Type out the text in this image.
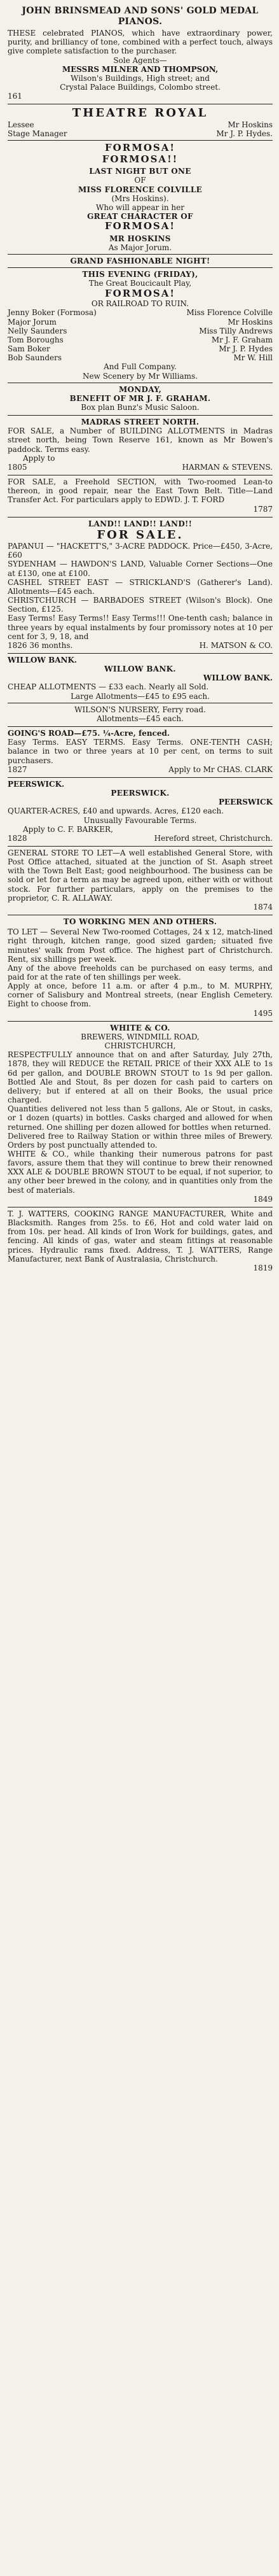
JOHN BRINSMEAD AND SONS' GOLD MEDAL PIANOS.

THESE celebrated PIANOS, which have extraordinary power, purity, and brilliancy of tone, combined with a perfect touch, always give complete satisfaction to the purchaser.

Sole Agents—
MESSRS MILNER AND THOMPSON,
Wilson's Buildings, High street; and
Crystal Palace Buildings, Colombo street.
161
THEATRE ROYAL
Lessee	Mr Hoskins
Stage Manager	Mr J. P. Hydes.
FORMOSA!
FORMOSA!!
LAST NIGHT BUT ONE
OF
MISS FLORENCE COLVILLE
(Mrs Hoskins).
Who will appear in her
GREAT CHARACTER OF
FORMOSA!
MR HOSKINS
As Major Jorum.
GRAND FASHIONABLE NIGHT!
THIS EVENING (FRIDAY),
The Great Boucicault Play,
FORMOSA!
OR RAILROAD TO RUIN.
Jenny Boker (Formosa)	Miss Florence Colville
Major Jorum	Mr Hoskins
Nelly Saunders	Miss Tilly Andrews
Tom Boroughs	Mr J. F. Graham
Sam Boker	Mr J. P. Hydes
Bob Saunders	Mr W. Hill
And Full Company.
New Scenery by Mr Williams.
MONDAY,
BENEFIT OF MR J. F. GRAHAM.
Box plan Bunz's Music Saloon.
MADRAS STREET NORTH.

FOR SALE, a Number of BUILDING ALLOTMENTS in Madras street north, being Town Reserve 161, known as Mr Bowen's paddock. Terms easy.

Apply to
1805	HARMAN & STEVENS.

FOR SALE, a Freehold SECTION, with Two-roomed Lean-to thereon, in good repair, near the East Town Belt. Title—Land Transfer Act. For particulars apply to EDWD. J. T. FORD

1787
LAND!! LAND!! LAND!!
FOR SALE.

PAPANUI — "HACKETT'S," 3-ACRE PADDOCK. Price—£450, 3-Acre, £60

SYDENHAM — HAWDON'S LAND, Valuable Corner Sections—One at £130, one at £100.

CASHEL STREET EAST — STRICKLAND'S (Gatherer's Land). Allotments—£45 each.

CHRISTCHURCH — BARBADOES STREET (Wilson's Block). One Section, £125.

Easy Terms! Easy Terms!! Easy Terms!!! One-tenth cash; balance in three years by equal instalments by four promissory notes at 10 per cent for 3, 9, 18, and

1826 36 months.	H. MATSON & CO.
WILLOW BANK.
WILLOW BANK.
WILLOW BANK.

CHEAP ALLOTMENTS — £33 each. Nearly all Sold.

Large Allotments—£45 to £95 each.
WILSON'S NURSERY, Ferry road.
Allotments—£45 each.
GOING'S ROAD—£75. ¼-Acre, fenced.

Easy Terms. EASY TERMS. Easy Terms. ONE-TENTH CASH; balance in two or three years at 10 per cent, on terms to suit purchasers.

1827	Apply to Mr CHAS. CLARK
PEERSWICK.
PEERSWICK.
PEERSWICK

QUARTER-ACRES, £40 and upwards. Acres, £120 each.

Unusually Favourable Terms.
Apply to C. F. BARKER,
1828	Hereford street, Christchurch.

GENERAL STORE TO LET—A well established General Store, with Post Office attached, situated at the junction of St. Asaph street with the Town Belt East; good neighbourhood. The business can be sold or let for a term as may be agreed upon, either with or without stock. For further particulars, apply on the premises to the proprietor, C. R. ALLAWAY.

1874
TO WORKING MEN AND OTHERS.

TO LET — Several New Two-roomed Cottages, 24 x 12, match-lined right through, kitchen range, good sized garden; situated five minutes' walk from Post office. The highest part of Christchurch. Rent, six shillings per week.

Any of the above freeholds can be purchased on easy terms, and paid for at the rate of ten shillings per week.

Apply at once, before 11 a.m. or after 4 p.m., to M. MURPHY, corner of Salisbury and Montreal streets, (near English Cemetery. Eight to choose from.

1495
WHITE & CO.
BREWERS, WINDMILL ROAD,
CHRISTCHURCH,

RESPECTFULLY announce that on and after Saturday, July 27th, 1878, they will REDUCE the RETAIL PRICE of their XXX ALE to 1s 6d per gallon, and DOUBLE BROWN STOUT to 1s 9d per gallon. Bottled Ale and Stout, 8s per dozen for cash paid to carters on delivery; but if entered at all on their Books, the usual price charged.

Quantities delivered not less than 5 gallons, Ale or Stout, in casks, or 1 dozen (quarts) in bottles. Casks charged and allowed for when returned. One shilling per dozen allowed for bottles when returned.

Delivered free to Railway Station or within three miles of Brewery. Orders by post punctually attended to.

WHITE & CO., while thanking their numerous patrons for past favors, assure them that they will continue to brew their renowned XXX ALE & DOUBLE BROWN STOUT to be equal, if not superior, to any other beer brewed in the colony, and in quantities only from the best of materials.

1849

T. J. WATTERS, COOKING RANGE MANUFACTURER, White and Blacksmith. Ranges from 25s. to £6, Hot and cold water laid on from 10s. per head. All kinds of Iron Work for buildings, gates, and fencing. All kinds of gas, water and steam fittings at reasonable prices. Hydraulic rams fixed. Address, T. J. WATTERS, Range Manufacturer, next Bank of Australasia, Christchurch.

1819
